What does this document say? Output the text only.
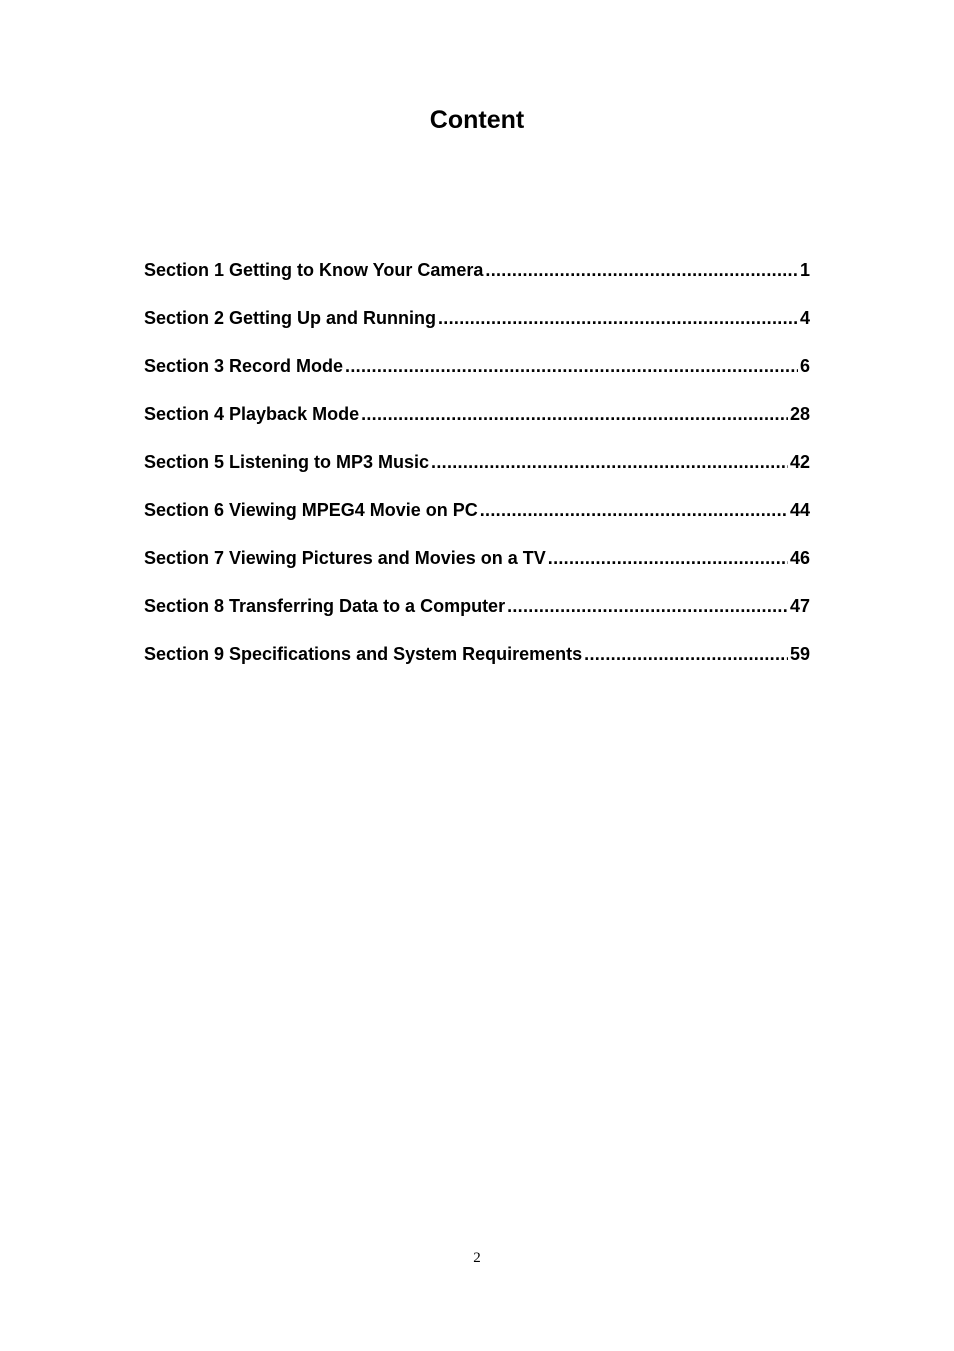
Content
Section 1 Getting to Know Your Camera .....	1
Section 2 Getting Up and Running .....	4
Section 3 Record Mode .....	6
Section 4 Playback Mode .....	28
Section 5 Listening to MP3 Music .....	42
Section 6 Viewing MPEG4 Movie on PC .....	44
Section 7 Viewing Pictures and Movies on a TV .....	46
Section 8 Transferring Data to a Computer .....	47
Section 9 Specifications and System Requirements .....	59
2
